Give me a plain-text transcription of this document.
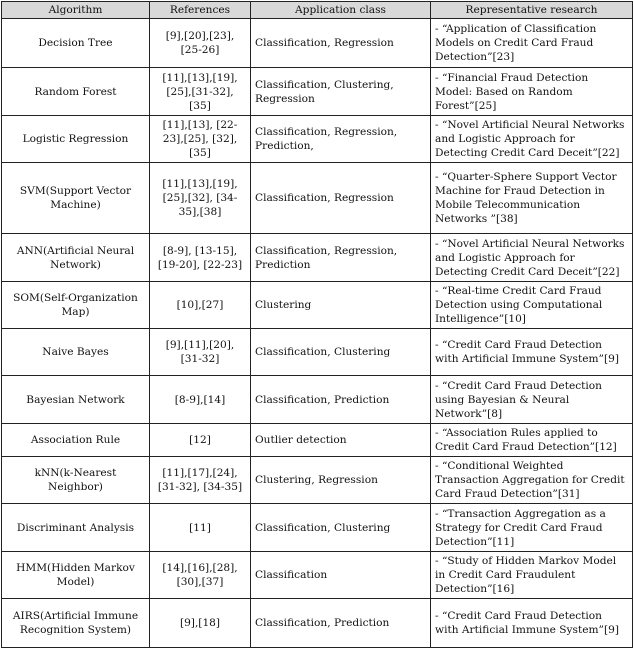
Algorithm	References	Application class	Representative research
Decision Tree	[9],[20],[23], [25-26]	Classification, Regression	- “Application of Classification Models on Credit Card Fraud Detection”[23]
Random Forest	[11],[13],[19],[25],[31-32], [35]	Classification, Clustering, Regression	- “Financial Fraud Detection Model: Based on Random Forest”[25]
Logistic Regression	[11],[13], [22-23],[25], [32],[35]	Classification, Regression, Prediction,	- “Novel Artificial Neural Networks and Logistic Approach for Detecting Credit Card Deceit”[22]
SVM(Support Vector Machine)	[11],[13],[19],[25],[32], [34-35],[38]	Classification, Regression	- “Quarter-Sphere Support Vector Machine for Fraud Detection in Mobile Telecommunication Networks ”[38]
ANN(Artificial Neural Network)	[8-9], [13-15], [19-20], [22-23]	Classification, Regression, Prediction	- “Novel Artificial Neural Networks and Logistic Approach for Detecting Credit Card Deceit”[22]
SOM(Self-Organization Map)	[10],[27]	Clustering	- “Real-time Credit Card Fraud Detection using Computational Intelligence”[10]
Naive Bayes	[9],[11],[20], [31-32]	Classification, Clustering	- “Credit Card Fraud Detection with Artificial Immune System”[9]
Bayesian Network	[8-9],[14]	Classification, Prediction	- “Credit Card Fraud Detection using Bayesian & Neural Network”[8]
Association Rule	[12]	Outlier detection	- “Association Rules applied to Credit Card Fraud Detection”[12]
kNN(k-Nearest Neighbor)	[11],[17],[24],[31-32], [34-35]	Clustering, Regression	- “Conditional Weighted Transaction Aggregation for Credit Card Fraud Detection”[31]
Discriminant Analysis	[11]	Classification, Clustering	- “Transaction Aggregation as a Strategy for Credit Card Fraud Detection”[11]
HMM(Hidden Markov Model)	[14],[16],[28],[30],[37]	Classification	- “Study of Hidden Markov Model in Credit Card Fraudulent Detection”[16]
AIRS(Artificial Immune Recognition System)	[9],[18]	Classification, Prediction	- “Credit Card Fraud Detection with Artificial Immune System”[9]
